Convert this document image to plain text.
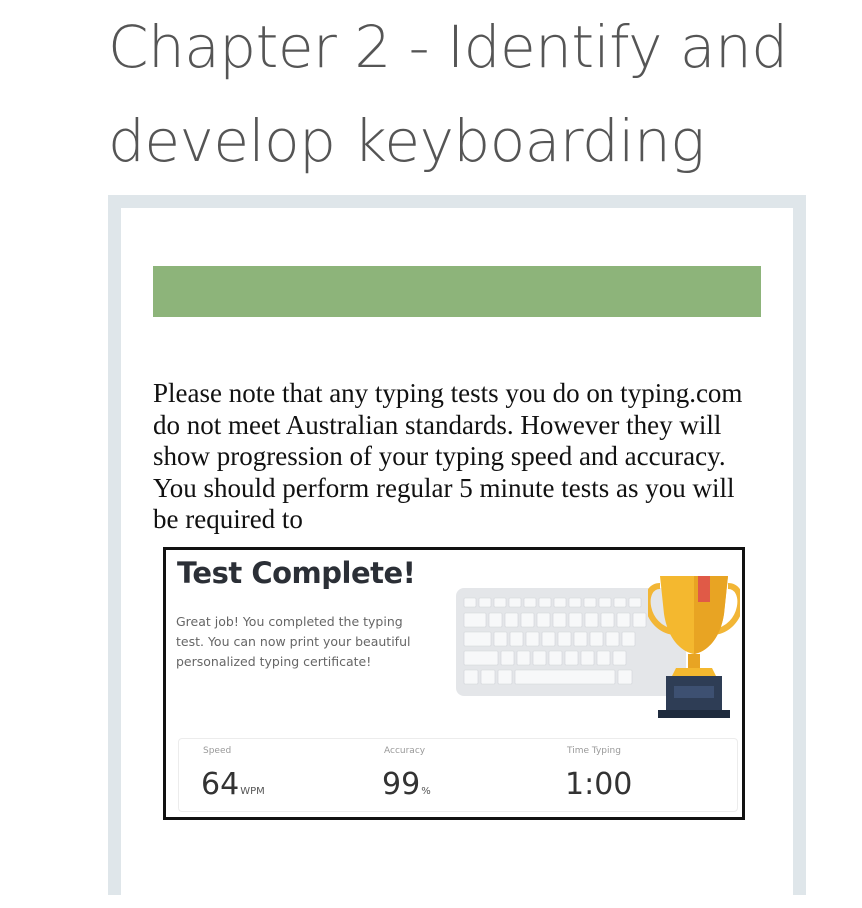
Chapter 2 - Identify and develop keyboarding

Please note that any typing tests you do on typing.com do not meet Australian standards. However they will show progression of your typing speed and accuracy. You should perform regular 5 minute tests as you will be required to

Test Complete!
Great job! You completed the typing test. You can now print your beautiful personalized typing certificate!
Speed
64WPM
Accuracy
99%
Time Typing
1:00
